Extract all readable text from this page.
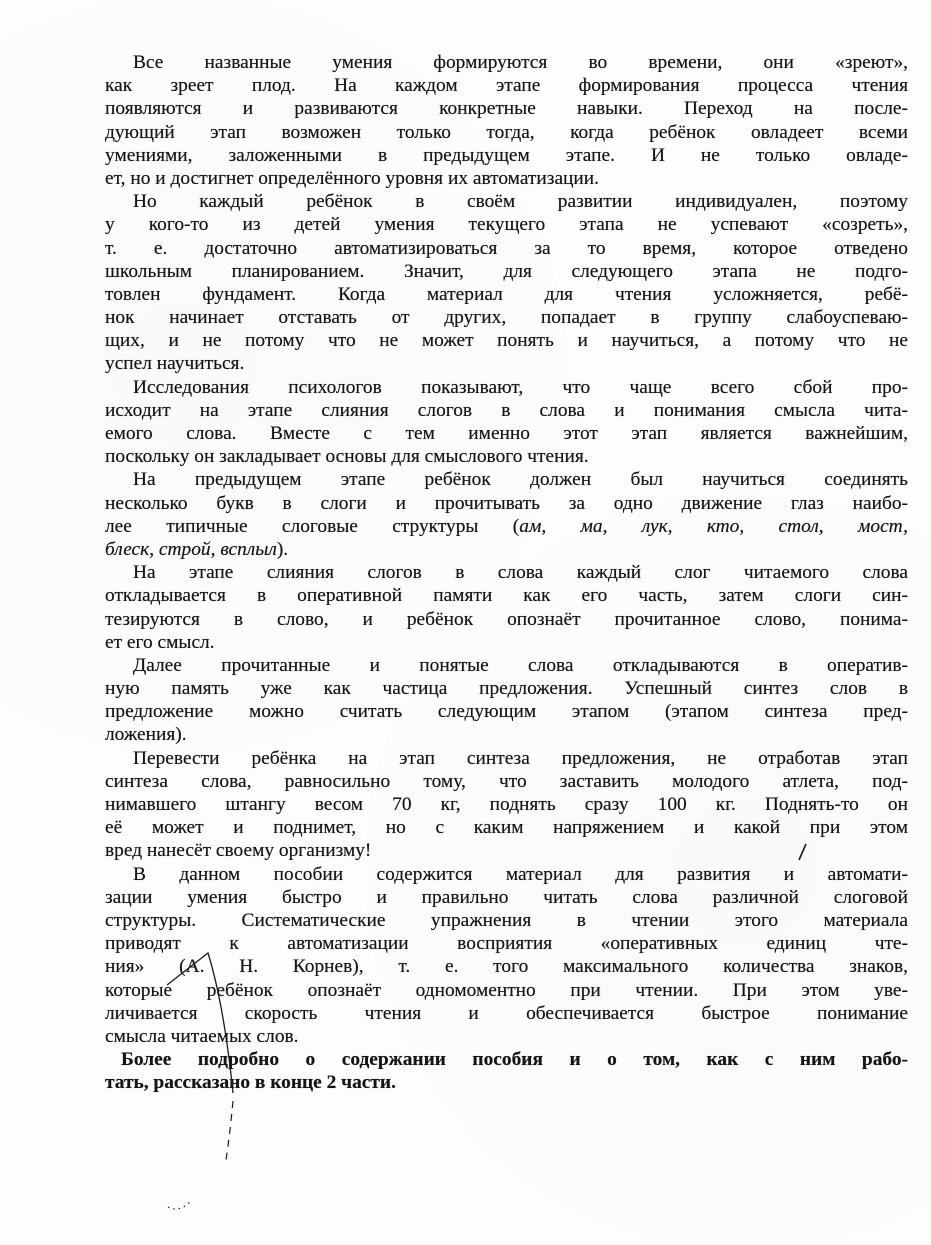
Все названные умения формируются во времени, они «зреют»,
как зреет плод. На каждом этапе формирования процесса чтения
появляются и развиваются конкретные навыки. Переход на после-
дующий этап возможен только тогда, когда ребёнок овладеет всеми
умениями, заложенными в предыдущем этапе. И не только овладе-
ет, но и достигнет определённого уровня их автоматизации.
Но каждый ребёнок в своём развитии индивидуален, поэтому
у кого-то из детей умения текущего этапа не успевают «созреть»,
т. е. достаточно автоматизироваться за то время, которое отведено
школьным планированием. Значит, для следующего этапа не подго-
товлен фундамент. Когда материал для чтения усложняется, ребё-
нок начинает отставать от других, попадает в группу слабоуспеваю-
щих, и не потому что не может понять и научиться, а потому что не
успел научиться.
Исследования психологов показывают, что чаще всего сбой про-
исходит на этапе слияния слогов в слова и понимания смысла чита-
емого слова. Вместе с тем именно этот этап является важнейшим,
поскольку он закладывает основы для смыслового чтения.
На предыдущем этапе ребёнок должен был научиться соединять
несколько букв в слоги и прочитывать за одно движение глаз наибо-
лее типичные слоговые структуры (ам, ма, лук, кто, стол, мост,
блеск, строй, всплыл).
На этапе слияния слогов в слова каждый слог читаемого слова
откладывается в оперативной памяти как его часть, затем слоги син-
тезируются в слово, и ребёнок опознаёт прочитанное слово, понима-
ет его смысл.
Далее прочитанные и понятые слова откладываются в оператив-
ную память уже как частица предложения. Успешный синтез слов в
предложение можно считать следующим этапом (этапом синтеза пред-
ложения).
Перевести ребёнка на этап синтеза предложения, не отработав этап
синтеза слова, равносильно тому, что заставить молодого атлета, под-
нимавшего штангу весом 70 кг, поднять сразу 100 кг. Поднять-то он
её может и поднимет, но с каким напряжением и какой при этом
вред нанесёт своему организму!
В данном пособии содержится материал для развития и автомати-
зации умения быстро и правильно читать слова различной слоговой
структуры. Систематические упражнения в чтении этого материала
приводят к автоматизации восприятия «оперативных единиц чте-
ния» (А. Н. Корнев), т. е. того максимального количества знаков,
которые ребёнок опознаёт одномоментно при чтении. При этом уве-
личивается скорость чтения и обеспечивается быстрое понимание
смысла читаемых слов.
Более подробно о содержании пособия и о том, как с ним рабо-
тать, рассказано в конце 2 части.
